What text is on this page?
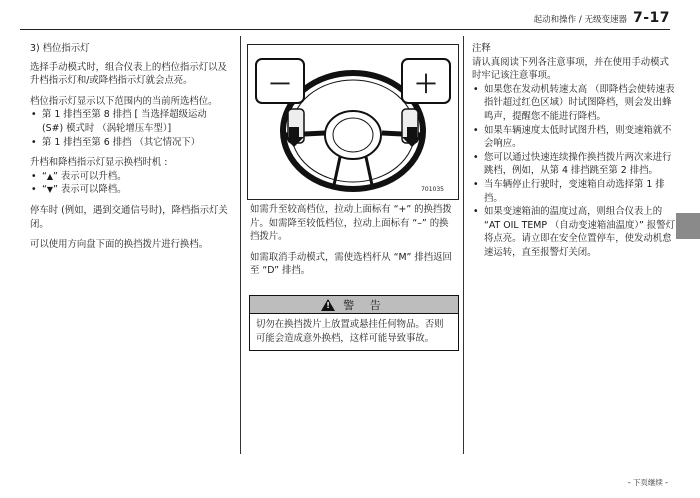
起动和操作 / 无级变速器 7-17

3) 档位指示灯

选择手动模式时，组合仪表上的档位指示灯以及升档指示灯和/或降档指示灯就会点亮。

档位指示灯显示以下范围内的当前所选档位。

• 第 1 排挡至第 8 排挡 [ 当选择超级运动 (S#) 模式时 （涡轮增压车型）]
• 第 1 排挡至第 6 排挡 （其它情况下）

升档和降档指示灯显示换档时机 :

• “▲” 表示可以升档。
• “▼” 表示可以降档。

停车时 (例如，遇到交通信号时)，降档指示灯关闭。

可以使用方向盘下面的换挡拨片进行换档。

－	＋
701035

如需升至较高档位，拉动上面标有 “+” 的换挡拨片。如需降至较低档位，拉动上面标有 “–” 的换挡拨片。

如需取消手动模式，需使选档杆从 “M” 排挡返回至 “D” 排挡。

! 警 告
切勿在换挡拨片上放置或悬挂任何物品。否则可能会造成意外换档，这样可能导致事故。

注释

请认真阅读下列各注意事项，并在使用手动模式时牢记该注意事项。

• 如果您在发动机转速太高 （即降档会使转速表指针超过红色区域）时试图降档，则会发出蜂鸣声，提醒您不能进行降档。
• 如果车辆速度太低时试图升档，则变速箱就不会响应。
• 您可以通过快速连续操作换挡拨片两次来进行跳档，例如，从第 4 排挡跳至第 2 排挡。
• 当车辆停止行驶时，变速箱自动选择第 1 排挡。
• 如果变速箱油的温度过高，则组合仪表上的 “AT OIL TEMP （自动变速箱油温度）” 报警灯将点亮。请立即在安全位置停车，使发动机怠速运转，直至报警灯关闭。
- 下页继续 -
